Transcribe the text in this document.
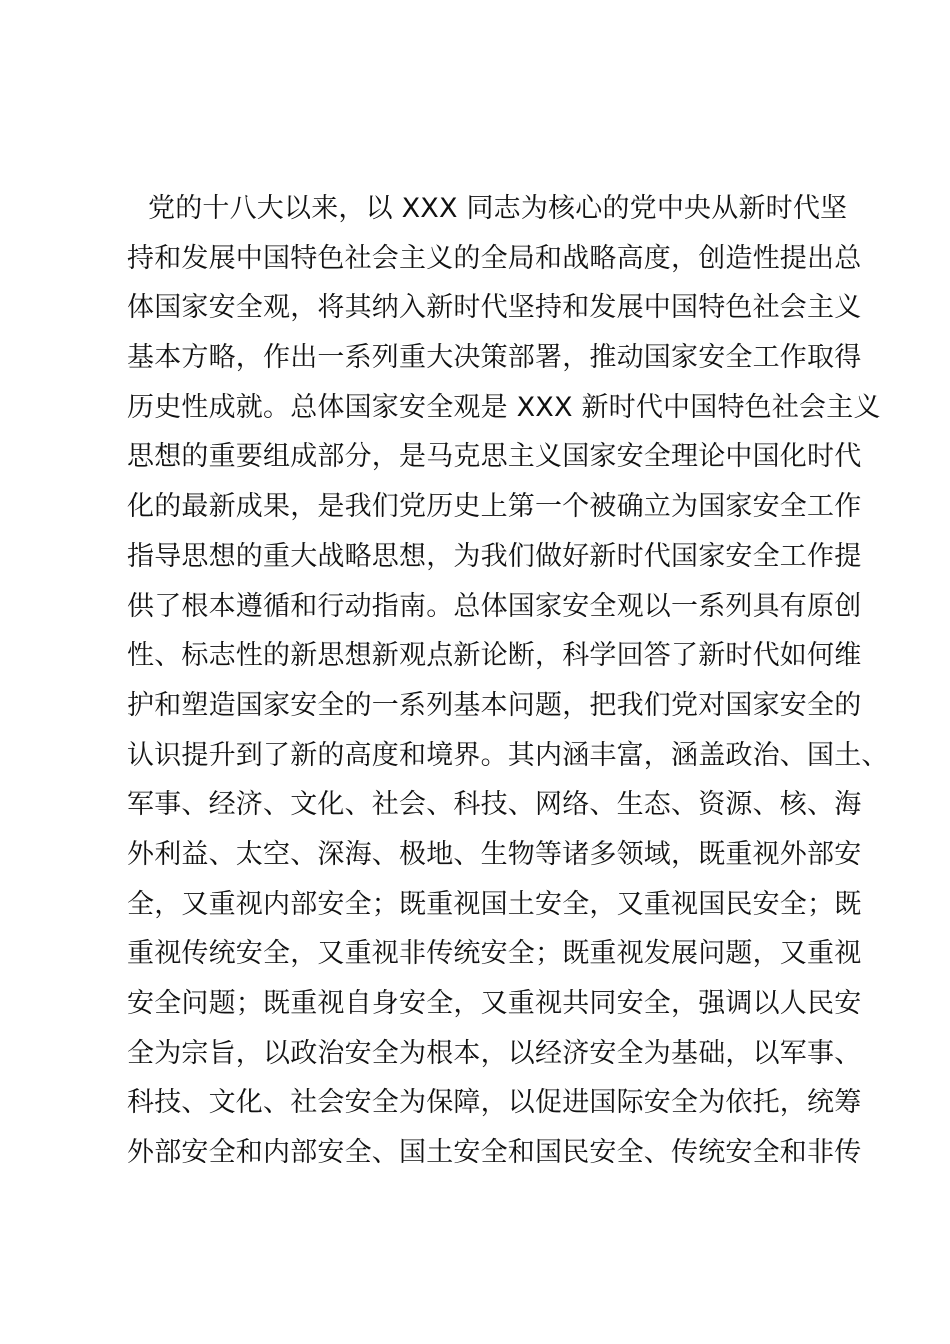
党的十八大以来，以 XXX 同志为核心的党中央从新时代坚
持和发展中国特色社会主义的全局和战略高度，创造性提出总
体国家安全观，将其纳入新时代坚持和发展中国特色社会主义
基本方略，作出一系列重大决策部署，推动国家安全工作取得
历史性成就。总体国家安全观是 XXX 新时代中国特色社会主义
思想的重要组成部分，是马克思主义国家安全理论中国化时代
化的最新成果，是我们党历史上第一个被确立为国家安全工作
指导思想的重大战略思想，为我们做好新时代国家安全工作提
供了根本遵循和行动指南。总体国家安全观以一系列具有原创
性、标志性的新思想新观点新论断，科学回答了新时代如何维
护和塑造国家安全的一系列基本问题，把我们党对国家安全的
认识提升到了新的高度和境界。其内涵丰富，涵盖政治、国土、
军事、经济、文化、社会、科技、网络、生态、资源、核、海
外利益、太空、深海、极地、生物等诸多领域，既重视外部安
全，又重视内部安全；既重视国土安全，又重视国民安全；既
重视传统安全，又重视非传统安全；既重视发展问题，又重视
安全问题；既重视自身安全，又重视共同安全，强调以人民安
全为宗旨，以政治安全为根本，以经济安全为基础，以军事、
科技、文化、社会安全为保障，以促进国际安全为依托，统筹
外部安全和内部安全、国土安全和国民安全、传统安全和非传
